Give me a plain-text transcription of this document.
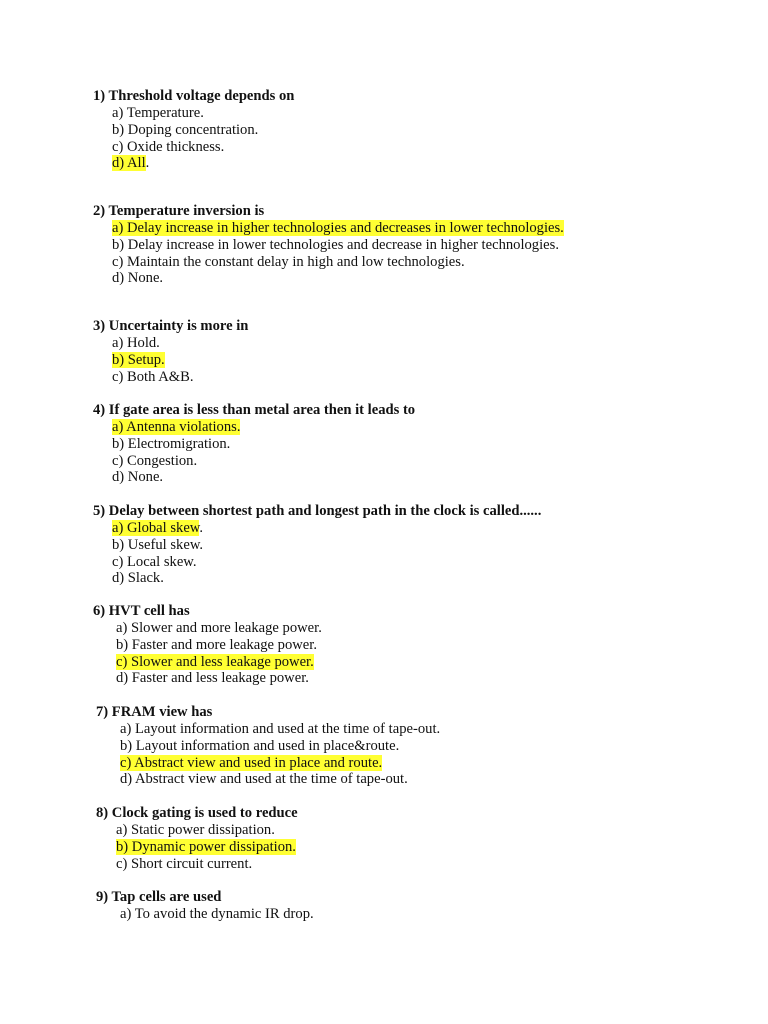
1) Threshold voltage depends on
a) Temperature.
b) Doping concentration.
c) Oxide thickness.
d) All.
2) Temperature inversion is
a) Delay increase in higher technologies and decreases in lower technologies.
b) Delay increase in lower technologies and decrease in higher technologies.
c) Maintain the constant delay in high and low technologies.
d) None.
3) Uncertainty is more in
a) Hold.
b) Setup.
c) Both A&B.
4) If gate area is less than metal area then it leads to
a) Antenna violations.
b) Electromigration.
c) Congestion.
d) None.
5) Delay between shortest path and longest path in the clock is called......
a) Global skew.
b) Useful skew.
c) Local skew.
d) Slack.
6) HVT cell has
a) Slower and more leakage power.
b) Faster and more leakage power.
c) Slower and less leakage power.
d) Faster and less leakage power.
7) FRAM view has
a) Layout information and used at the time of tape-out.
b) Layout information and used in place&route.
c) Abstract view and used in place and route.
d) Abstract view and used at the time of tape-out.
8) Clock gating is used to reduce
a) Static power dissipation.
b) Dynamic power dissipation.
c) Short circuit current.
9) Tap cells are used
a) To avoid the dynamic IR drop.
